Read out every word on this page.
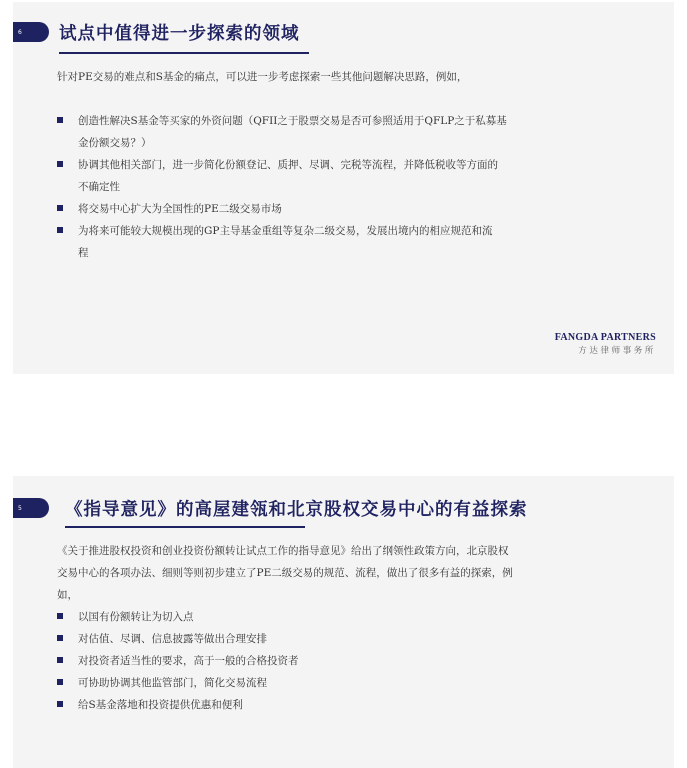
6 试点中值得进一步探索的领域
针对PE交易的难点和S基金的痛点，可以进一步考虑探索一些其他问题解决思路，例如，
创造性解决S基金等买家的外资问题（QFII之于股票交易是否可参照适用于QFLP之于私募基
金份额交易？）
协调其他相关部门，进一步简化份额登记、质押、尽调、完税等流程，并降低税收等方面的
不确定性
将交易中心扩大为全国性的PE二级交易市场
为将来可能较大规模出现的GP主导基金重组等复杂二级交易，发展出境内的相应规范和流
程
FANGDA PARTNERS
方达律师事务所
5 《指导意见》的高屋建瓴和北京股权交易中心的有益探索
《关于推进股权投资和创业投资份额转让试点工作的指导意见》给出了纲领性政策方向，北京股权
交易中心的各项办法、细则等则初步建立了PE二级交易的规范、流程，做出了很多有益的探索，例
如，
以国有份额转让为切入点
对估值、尽调、信息披露等做出合理安排
对投资者适当性的要求，高于一般的合格投资者
可协助协调其他监管部门，简化交易流程
给S基金落地和投资提供优惠和便利
